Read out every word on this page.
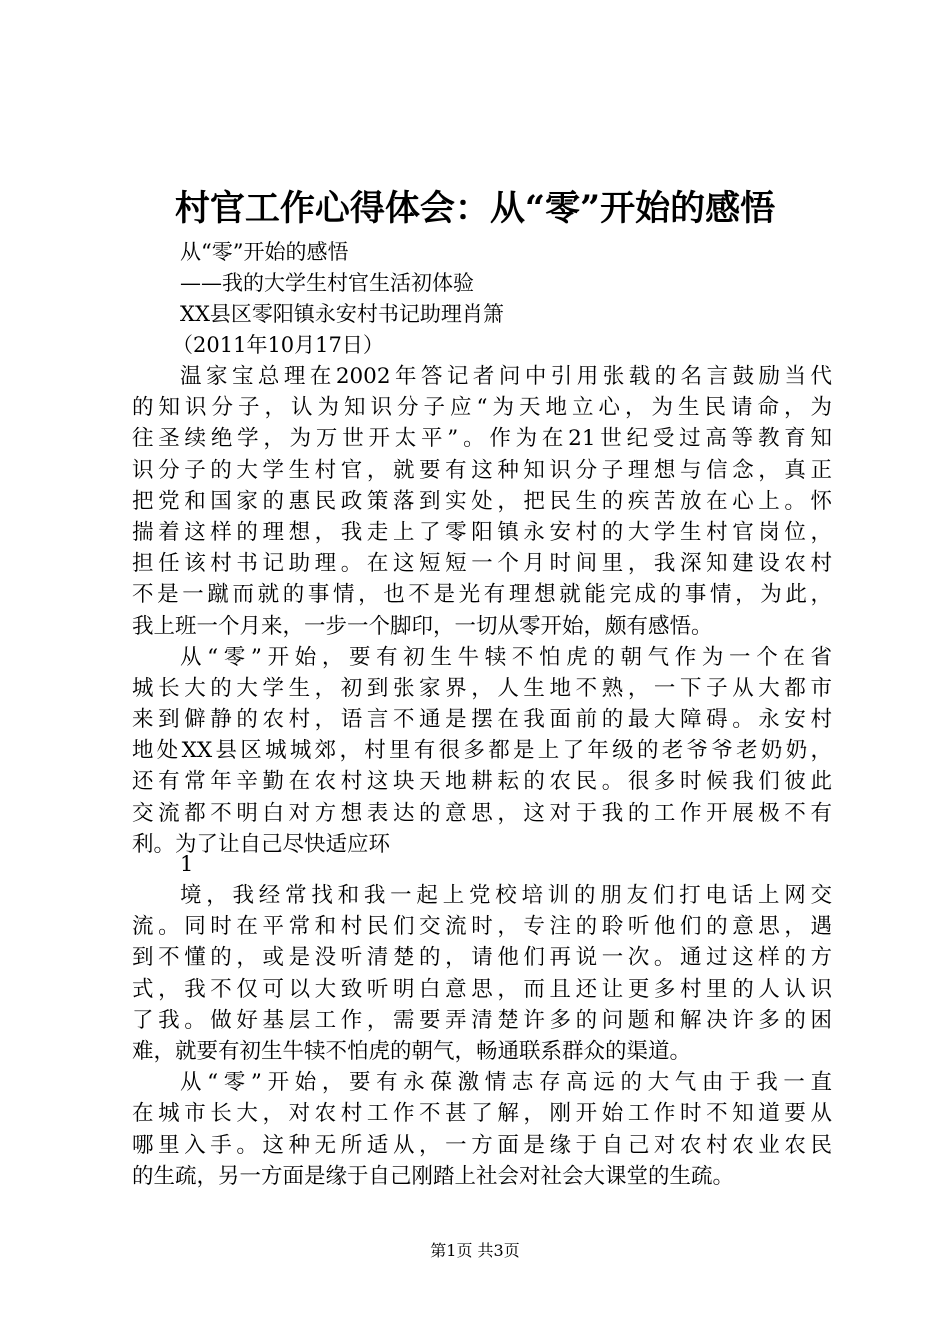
村官工作心得体会：从“零”开始的感悟
从“零”开始的感悟
——我的大学生村官生活初体验
XX县区零阳镇永安村书记助理肖箫
（2011年10月17日）
温家宝总理在2002年答记者问中引用张载的名言鼓励当代
的知识分子，认为知识分子应“为天地立心，为生民请命，为
往圣续绝学，为万世开太平”。作为在21世纪受过高等教育知
识分子的大学生村官，就要有这种知识分子理想与信念，真正
把党和国家的惠民政策落到实处，把民生的疾苦放在心上。怀
揣着这样的理想，我走上了零阳镇永安村的大学生村官岗位，
担任该村书记助理。在这短短一个月时间里，我深知建设农村
不是一蹴而就的事情，也不是光有理想就能完成的事情，为此，
我上班一个月来，一步一个脚印，一切从零开始，颇有感悟。
从“零”开始，要有初生牛犊不怕虎的朝气作为一个在省
城长大的大学生，初到张家界，人生地不熟，一下子从大都市
来到僻静的农村，语言不通是摆在我面前的最大障碍。永安村
地处XX县区城城郊，村里有很多都是上了年级的老爷爷老奶奶，
还有常年辛勤在农村这块天地耕耘的农民。很多时候我们彼此
交流都不明白对方想表达的意思，这对于我的工作开展极不有
利。为了让自己尽快适应环
1
境，我经常找和我一起上党校培训的朋友们打电话上网交
流。同时在平常和村民们交流时，专注的聆听他们的意思，遇
到不懂的，或是没听清楚的，请他们再说一次。通过这样的方
式，我不仅可以大致听明白意思，而且还让更多村里的人认识
了我。做好基层工作，需要弄清楚许多的问题和解决许多的困
难，就要有初生牛犊不怕虎的朝气，畅通联系群众的渠道。
从“零”开始，要有永葆激情志存高远的大气由于我一直
在城市长大，对农村工作不甚了解，刚开始工作时不知道要从
哪里入手。这种无所适从，一方面是缘于自己对农村农业农民
的生疏，另一方面是缘于自己刚踏上社会对社会大课堂的生疏。
第1页 共3页
